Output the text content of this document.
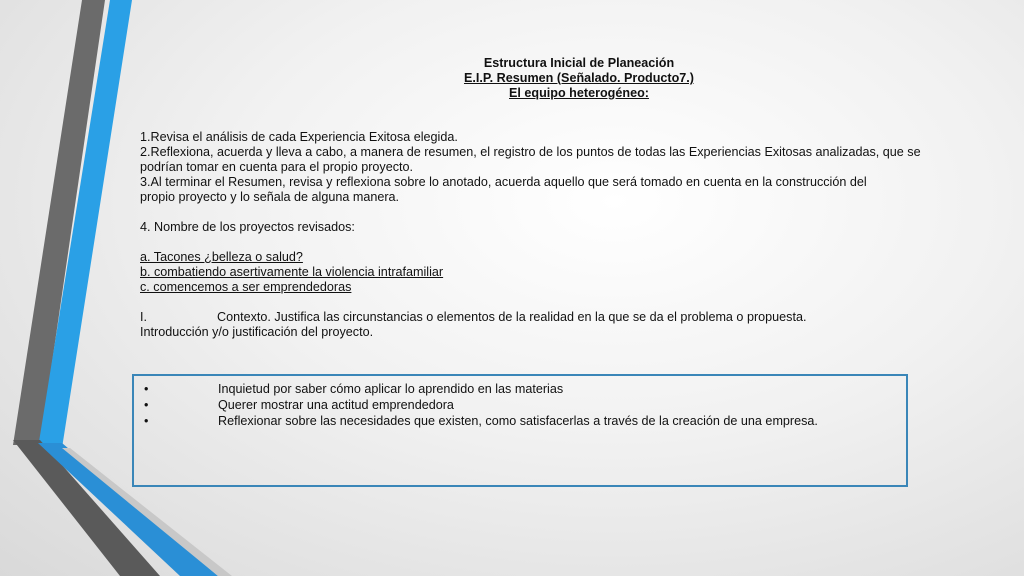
Estructura Inicial de Planeación
E.I.P. Resumen (Señalado. Producto7.)
El equipo heterogéneo:
1.Revisa el análisis de cada Experiencia Exitosa elegida.
2.Reflexiona, acuerda y lleva a cabo, a manera de resumen, el registro de los puntos de todas las Experiencias Exitosas analizadas, que se
podrían tomar en cuenta para el propio proyecto.
3.Al terminar el Resumen, revisa y reflexiona sobre lo anotado, acuerda aquello que será tomado en cuenta en la construcción del
propio proyecto y lo señala de alguna manera.
4. Nombre de los proyectos revisados:
a. Tacones ¿belleza o salud?
b. combatiendo asertivamente la violencia intrafamiliar
c. comencemos a ser emprendedoras
I.	Contexto. Justifica las circunstancias o elementos de la realidad en la que se da el problema o propuesta.
Introducción y/o justificación del proyecto.
•	Inquietud por saber cómo aplicar lo aprendido en las materias
•	Querer mostrar una actitud emprendedora
•	Reflexionar sobre las necesidades que existen, como satisfacerlas a través de la creación de una empresa.
